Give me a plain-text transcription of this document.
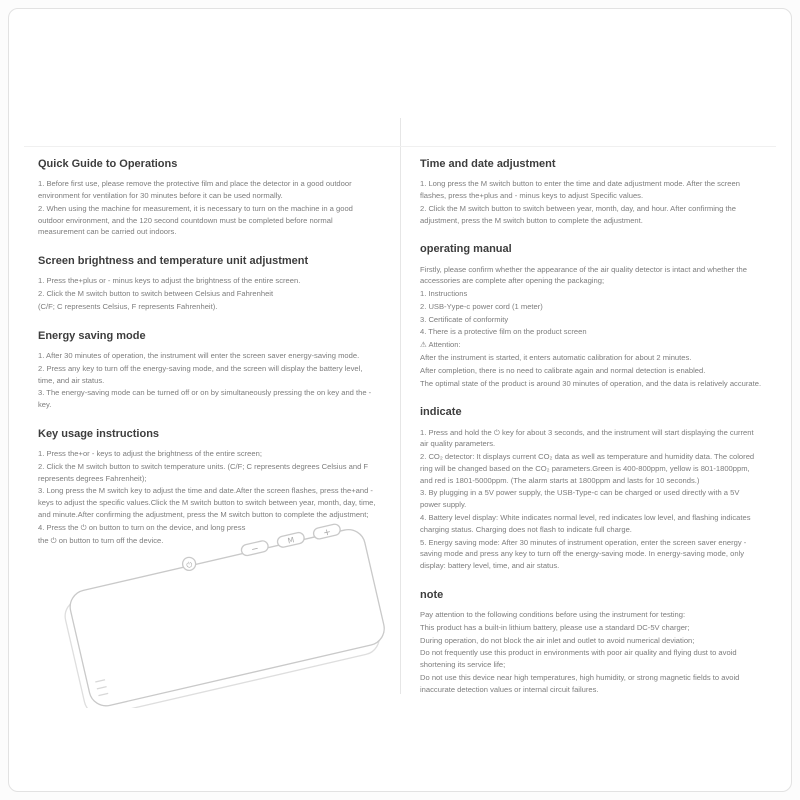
Quick Guide to Operations

1. Before first use, please remove the protective film and place the detector in a good outdoor environment for ventilation for 30 minutes before it can be used normally.

2. When using the machine for measurement, it is necessary to turn on the machine in a good outdoor environment, and the 120 second countdown must be completed before normal measurement can be carried out indoors.

Screen brightness and temperature unit adjustment

1. Press the+plus or - minus keys to adjust the brightness of the entire screen.

2. Click the M switch button to switch between Celsius and Fahrenheit

(C/F; C represents Celsius, F represents Fahrenheit).

Energy saving mode

1. After 30 minutes of operation, the instrument will enter the screen saver energy-saving mode.

2. Press any key to turn off the energy-saving mode, and the screen will display the battery level, time, and air status.

3. The energy-saving mode can be turned off or on by simultaneously pressing the on key and the - key.

Key usage instructions

1. Press the+or - keys to adjust the brightness of the entire screen;

2. Click the M switch button to switch temperature units. (C/F; C represents degrees Celsius and F represents degrees Fahrenheit);

3. Long press the M switch key to adjust the time and date.After the screen flashes, press the+and - keys to adjust the specific values.Click the M switch button to switch between year, month, day, time, and minute.After confirming the adjustment, press the M switch button to complete the adjustment;

4. Press the ⏻ on button to turn on the device, and long press

the ⏻ on button to turn off the device.

Time and date adjustment

1. Long press the M switch button to enter the time and date adjustment mode. After the screen flashes, press the+plus and - minus keys to adjust Specific values.

2. Click the M switch button to switch between year, month, day, and hour. After confirming the adjustment, press the M switch button to complete the adjustment.

operating manual

Firstly, please confirm whether the appearance of the air quality detector is intact and whether the accessories are complete after opening the packaging;

1. Instructions

2. USB-Yype-c power cord (1 meter)

3. Certificate of conformity

4. There is a protective film on the product screen

⚠ Attention:

After the instrument is started, it enters automatic calibration for about 2 minutes.

After completion, there is no need to calibrate again and normal detection is enabled.

The optimal state of the product is around 30 minutes of operation, and the data is relatively accurate.

indicate

1. Press and hold the ⏻ key for about 3 seconds, and the instrument will start displaying the current air quality parameters.

2. CO₂ detector: It displays current CO₂ data as well as temperature and humidity data. The colored ring will be changed based on the CO₂ parameters.Green is 400-800ppm, yellow is 801-1800ppm, and red is 1801-5000ppm. (The alarm starts at 1800ppm and lasts for 10 seconds.)

3. By plugging in a 5V power supply, the USB-Type-c can be charged or used directly with a 5V power supply.

4. Battery level display: White indicates normal level, red indicates low level, and flashing indicates charging status. Charging does not flash to indicate full charge.

5. Energy saving mode: After 30 minutes of instrument operation, enter the screen saver energy -saving mode and press any key to turn off the energy-saving mode. In energy-saving mode, only display: battery level, time, and air status.

note

Pay attention to the following conditions before using the instrument for testing:

This product has a built-in lithium battery, please use a standard DC-5V charger;

During operation, do not block the air inlet and outlet to avoid numerical deviation;

Do not frequently use this product in environments with poor air quality and flying dust to avoid shortening its service life;

Do not use this device near high temperatures, high humidity, or strong magnetic fields to avoid inaccurate detection values or internal circuit failures.

−
M
+
⏻
